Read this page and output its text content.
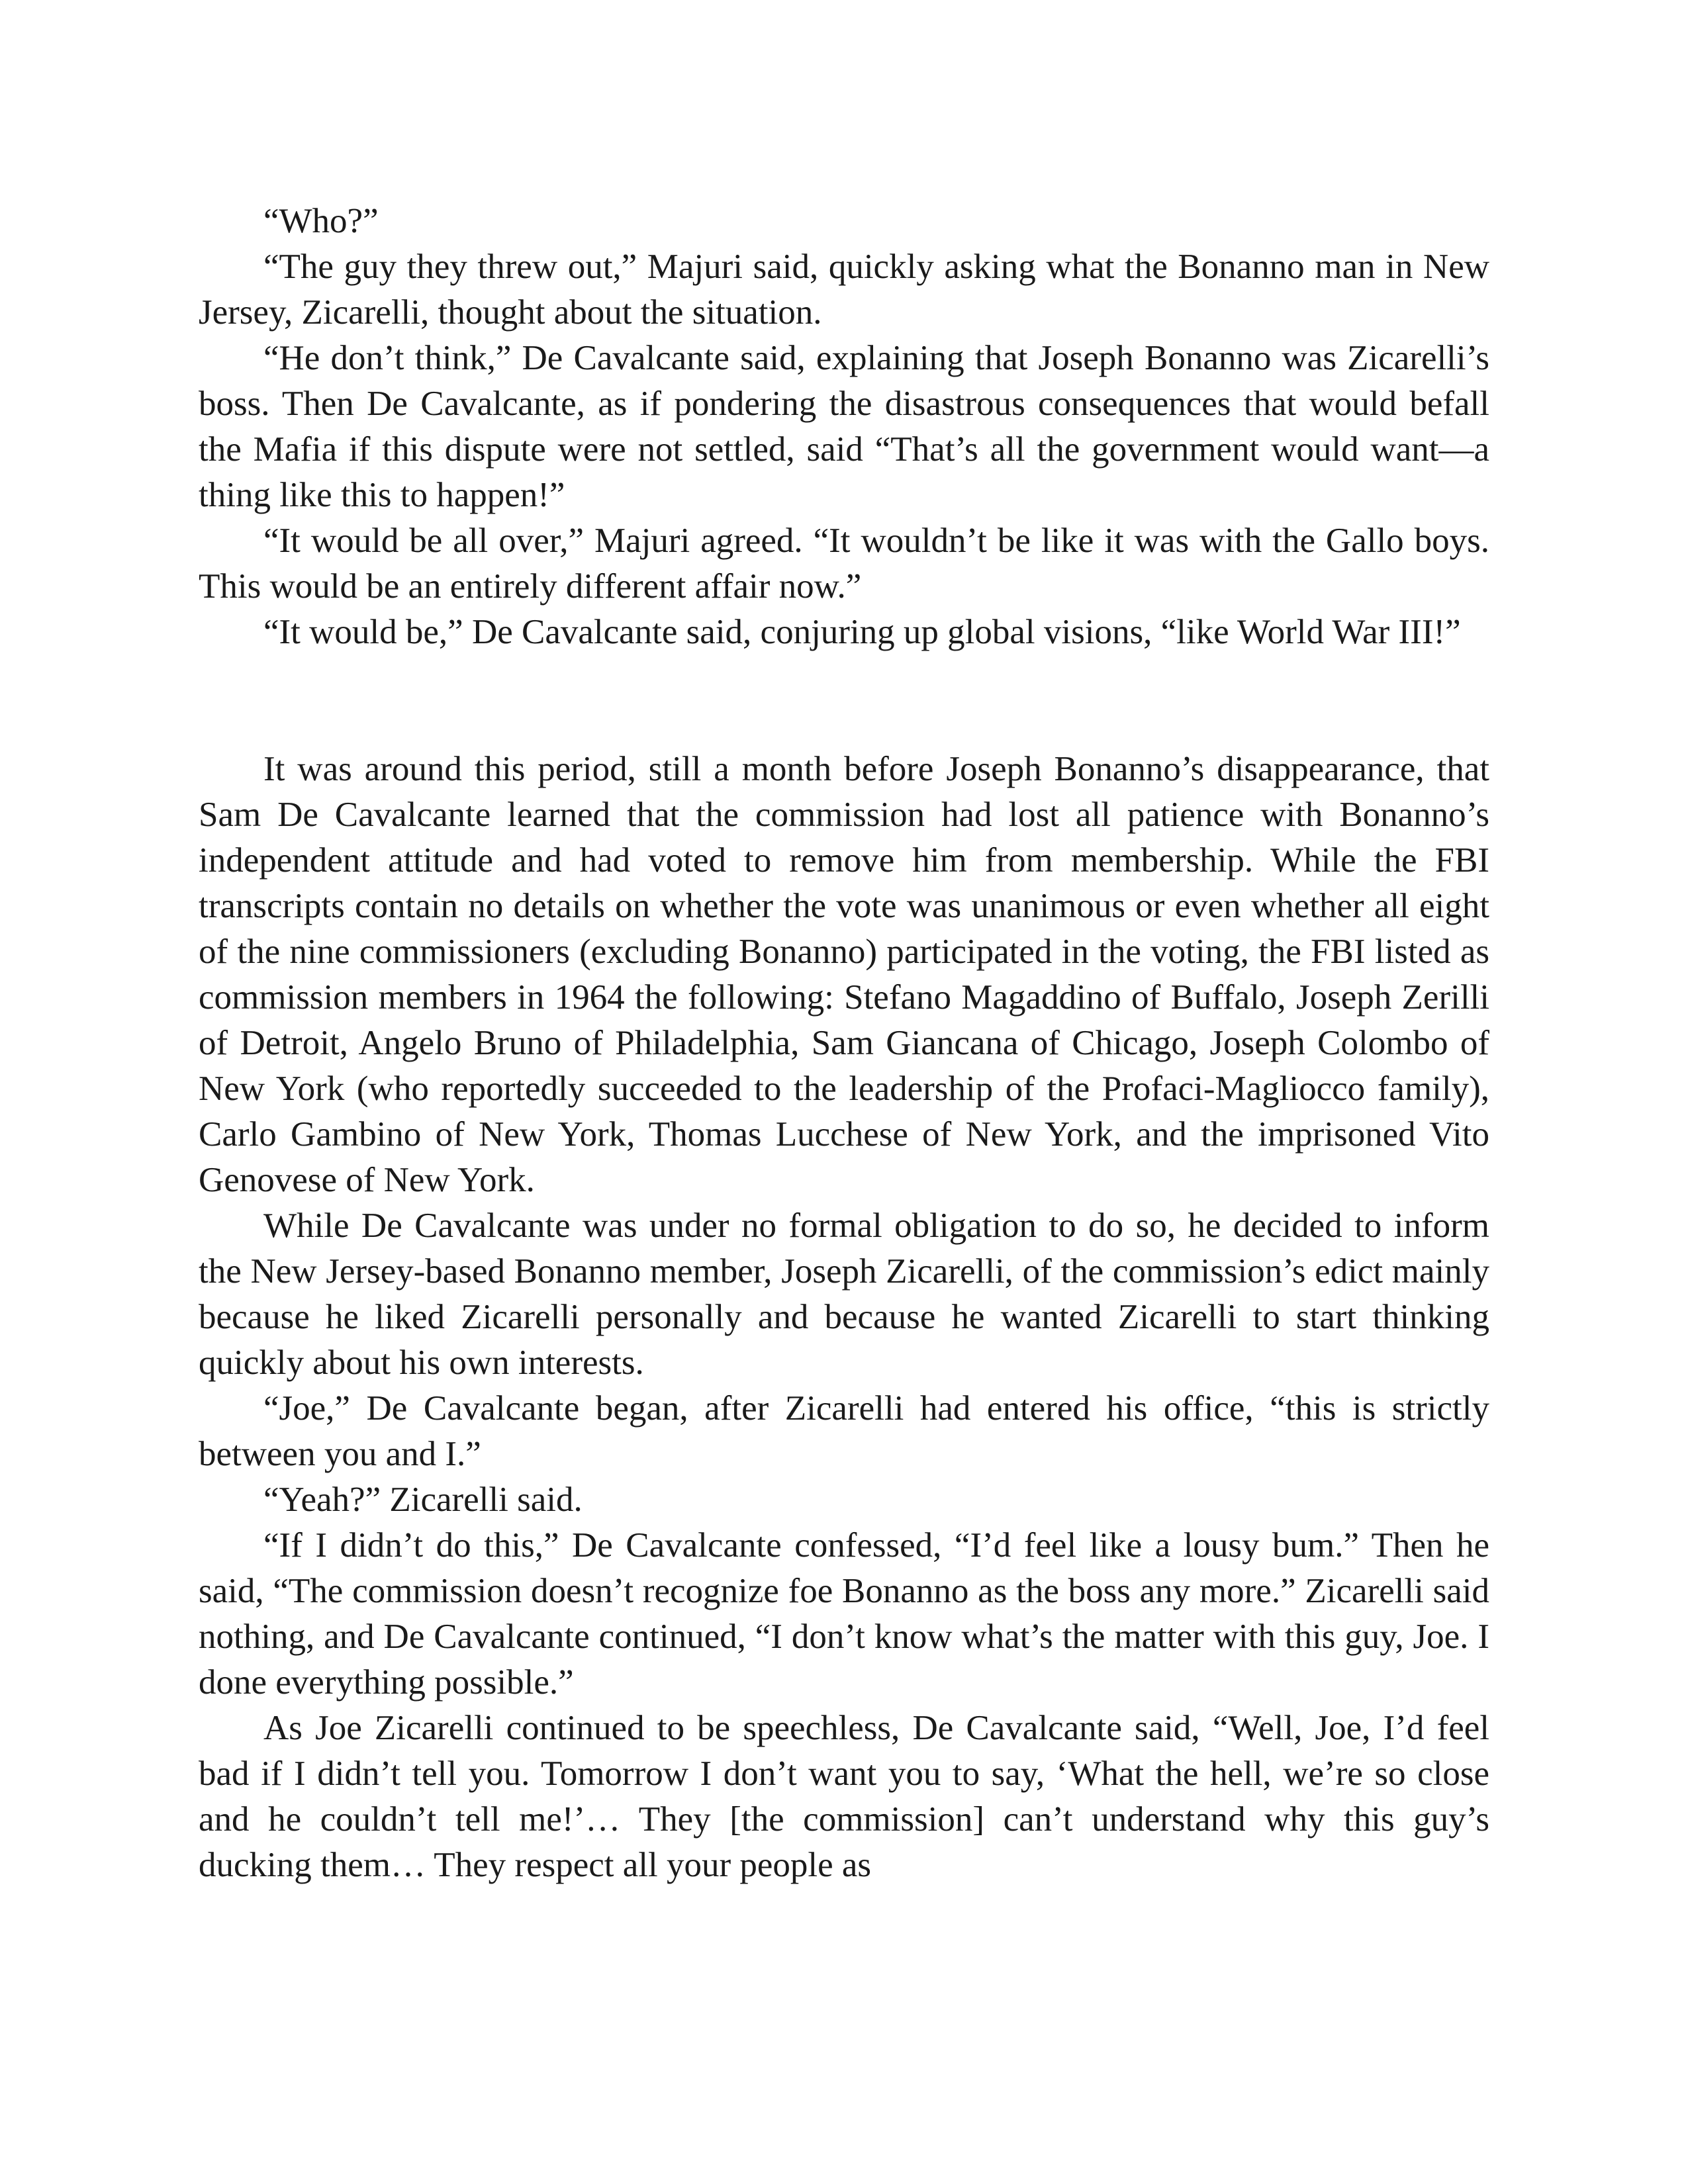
“Who?”

“The guy they threw out,” Majuri said, quickly asking what the Bonanno man in New Jersey, Zicarelli, thought about the situation.

“He don’t think,” De Cavalcante said, explaining that Joseph Bonanno was Zicarelli’s boss. Then De Cavalcante, as if pondering the disastrous consequences that would befall the Mafia if this dispute were not settled, said “That’s all the government would want—a thing like this to happen!”

“It would be all over,” Majuri agreed. “It wouldn’t be like it was with the Gallo boys. This would be an entirely different affair now.”

“It would be,” De Cavalcante said, conjuring up global visions, “like World War III!”

It was around this period, still a month before Joseph Bonanno’s disappearance, that Sam De Cavalcante learned that the commission had lost all patience with Bonanno’s independent attitude and had voted to remove him from membership. While the FBI transcripts contain no details on whether the vote was unanimous or even whether all eight of the nine commissioners (excluding Bonanno) participated in the voting, the FBI listed as commission members in 1964 the following: Stefano Magaddino of Buffalo, Joseph Zerilli of Detroit, Angelo Bruno of Philadelphia, Sam Giancana of Chicago, Joseph Colombo of New York (who reportedly succeeded to the leadership of the Profaci-Magliocco family), Carlo Gambino of New York, Thomas Lucchese of New York, and the imprisoned Vito Genovese of New York.

While De Cavalcante was under no formal obligation to do so, he decided to inform the New Jersey-based Bonanno member, Joseph Zicarelli, of the commission’s edict mainly because he liked Zicarelli personally and because he wanted Zicarelli to start thinking quickly about his own interests.

“Joe,” De Cavalcante began, after Zicarelli had entered his office, “this is strictly between you and I.”

“Yeah?” Zicarelli said.

“If I didn’t do this,” De Cavalcante confessed, “I’d feel like a lousy bum.” Then he said, “The commission doesn’t recognize foe Bonanno as the boss any more.” Zicarelli said nothing, and De Cavalcante continued, “I don’t know what’s the matter with this guy, Joe. I done everything possible.”

As Joe Zicarelli continued to be speechless, De Cavalcante said, “Well, Joe, I’d feel bad if I didn’t tell you. Tomorrow I don’t want you to say, ‘What the hell, we’re so close and he couldn’t tell me!’… They [the commission] can’t understand why this guy’s ducking them… They respect all your people as
